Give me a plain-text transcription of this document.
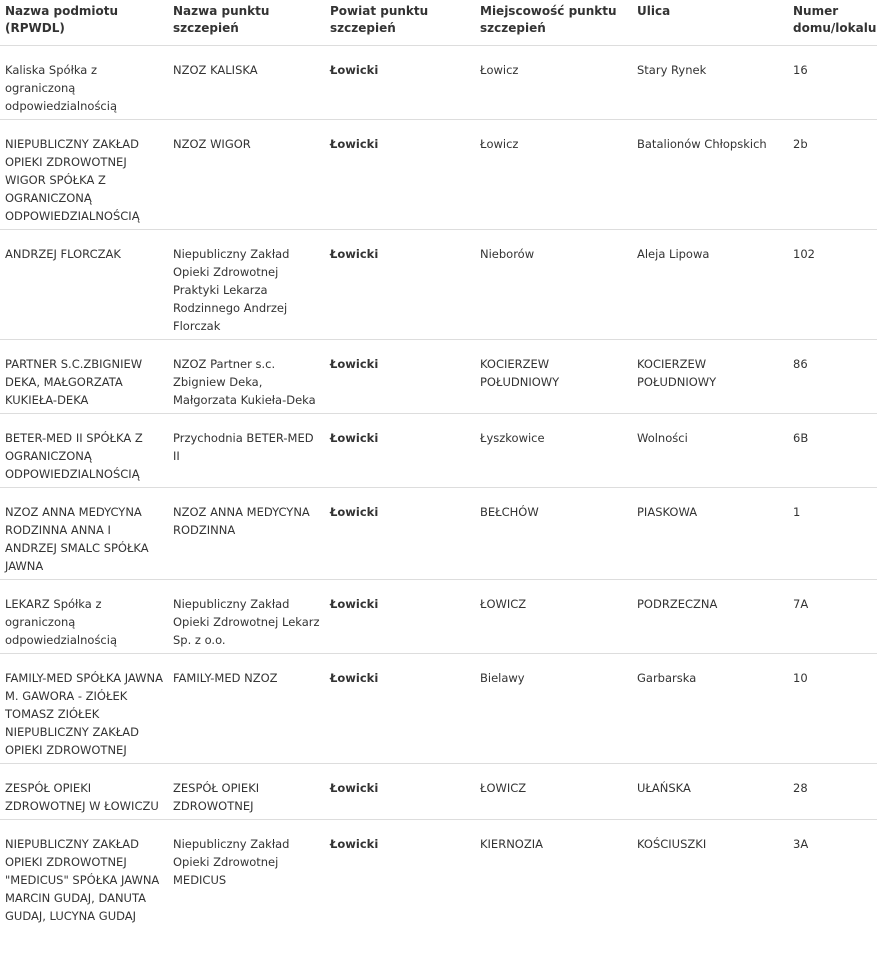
Nazwa podmiotu (RPWDL)	Nazwa punktu szczepień	Powiat punktu szczepień	Miejscowość punktu szczepień	Ulica	Numer domu/lokalu
Kaliska Spółka z ograniczoną odpowiedzialnością	NZOZ KALISKA	Łowicki	Łowicz	Stary Rynek	16
NIEPUBLICZNY ZAKŁAD OPIEKI ZDROWOTNEJ WIGOR SPÓŁKA Z OGRANICZONĄ ODPOWIEDZIALNOŚCIĄ	NZOZ WIGOR	Łowicki	Łowicz	Batalionów Chłopskich	2b
ANDRZEJ FLORCZAK	Niepubliczny Zakład Opieki Zdrowotnej Praktyki Lekarza Rodzinnego Andrzej Florczak	Łowicki	Nieborów	Aleja Lipowa	102
PARTNER S.C.ZBIGNIEW DEKA, MAŁGORZATA KUKIEŁA-DEKA	NZOZ Partner s.c. Zbigniew Deka, Małgorzata Kukieła-Deka	Łowicki	KOCIERZEW POŁUDNIOWY	KOCIERZEW POŁUDNIOWY	86
BETER-MED II SPÓŁKA Z OGRANICZONĄ ODPOWIEDZIALNOŚCIĄ	Przychodnia BETER-MED II	Łowicki	Łyszkowice	Wolności	6B
NZOZ ANNA MEDYCYNA RODZINNA ANNA I ANDRZEJ SMALC SPÓŁKA JAWNA	NZOZ ANNA MEDYCYNA RODZINNA	Łowicki	BEŁCHÓW	PIASKOWA	1
LEKARZ Spółka z ograniczoną odpowiedzialnością	Niepubliczny Zakład Opieki Zdrowotnej Lekarz Sp. z o.o.	Łowicki	ŁOWICZ	PODRZECZNA	7A
FAMILY-MED SPÓŁKA JAWNA M. GAWORA - ZIÓŁEK TOMASZ ZIÓŁEK NIEPUBLICZNY ZAKŁAD OPIEKI ZDROWOTNEJ	FAMILY-MED NZOZ	Łowicki	Bielawy	Garbarska	10
ZESPÓŁ OPIEKI ZDROWOTNEJ W ŁOWICZU	ZESPÓŁ OPIEKI ZDROWOTNEJ	Łowicki	ŁOWICZ	UŁAŃSKA	28
NIEPUBLICZNY ZAKŁAD OPIEKI ZDROWOTNEJ "MEDICUS" SPÓŁKA JAWNA MARCIN GUDAJ, DANUTA GUDAJ, LUCYNA GUDAJ	Niepubliczny Zakład Opieki Zdrowotnej MEDICUS	Łowicki	KIERNOZIA	KOŚCIUSZKI	3A
